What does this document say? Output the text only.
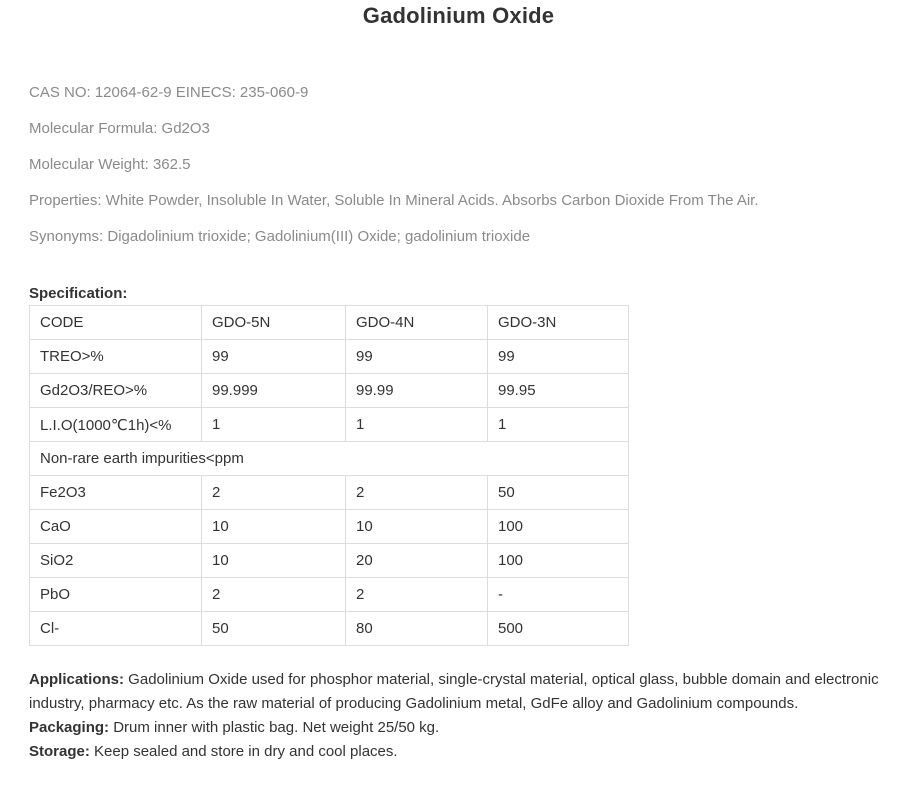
Gadolinium Oxide
CAS NO: 12064-62-9 EINECS: 235-060-9
Molecular Formula: Gd2O3
Molecular Weight: 362.5
Properties: White Powder, Insoluble In Water, Soluble In Mineral Acids. Absorbs Carbon Dioxide From The Air.
Synonyms: Digadolinium trioxide; Gadolinium(III) Oxide; gadolinium trioxide
Specification:
CODE	GDO-5N	GDO-4N	GDO-3N
TREO>%	99	99	99
Gd2O3/REO>%	99.999	99.99	99.95
L.I.O(1000℃1h)<%	1	1	1
Non-rare earth impurities<ppm			
Fe2O3	2	2	50
CaO	10	10	100
SiO2	10	20	100
PbO	2	2	-
Cl-	50	80	500
Applications: Gadolinium Oxide used for phosphor material, single-crystal material, optical glass, bubble domain and electronic industry, pharmacy etc. As the raw material of producing Gadolinium metal, GdFe alloy and Gadolinium compounds.
Packaging: Drum inner with plastic bag. Net weight 25/50 kg.
Storage: Keep sealed and store in dry and cool places.
